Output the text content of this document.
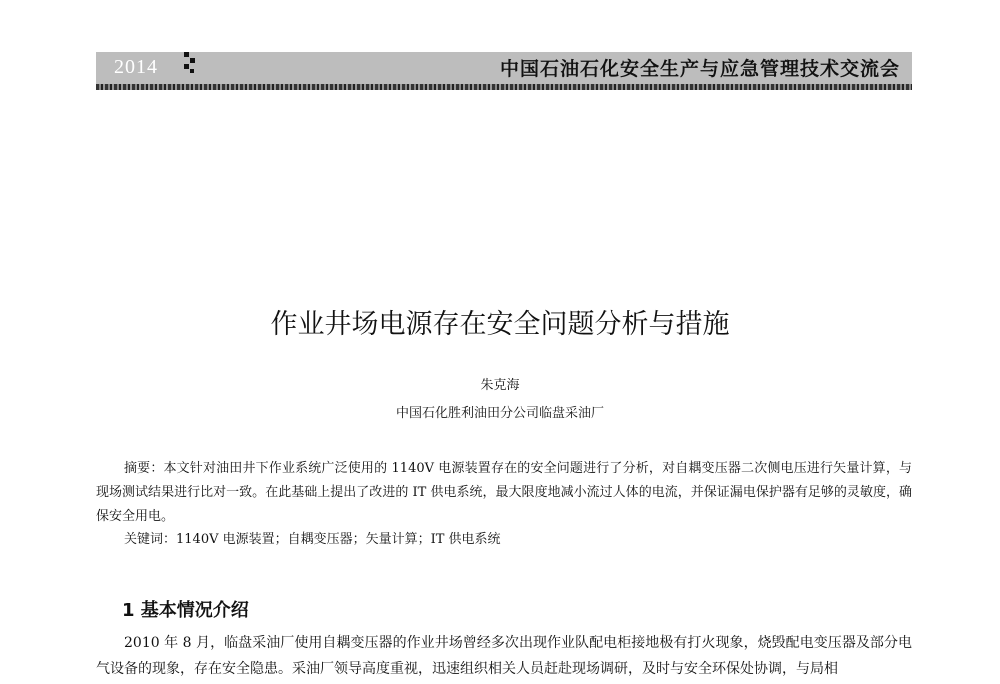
2014	中国石油石化安全生产与应急管理技术交流会
作业井场电源存在安全问题分析与措施
朱克海
中国石化胜利油田分公司临盘采油厂
摘要：本文针对油田井下作业系统广泛使用的 1140V 电源装置存在的安全问题进行了分析，对自耦变压器二次侧电压进行矢量计算，与现场测试结果进行比对一致。在此基础上提出了改进的 IT 供电系统，最大限度地减小流过人体的电流，并保证漏电保护器有足够的灵敏度，确保安全用电。
关键词：1140V 电源装置；自耦变压器；矢量计算；IT 供电系统
1 基本情况介绍
2010 年 8 月，临盘采油厂使用自耦变压器的作业井场曾经多次出现作业队配电柜接地极有打火现象，烧毁配电变压器及部分电气设备的现象，存在安全隐患。采油厂领导高度重视，迅速组织相关人员赶赴现场调研，及时与安全环保处协调，与局相
